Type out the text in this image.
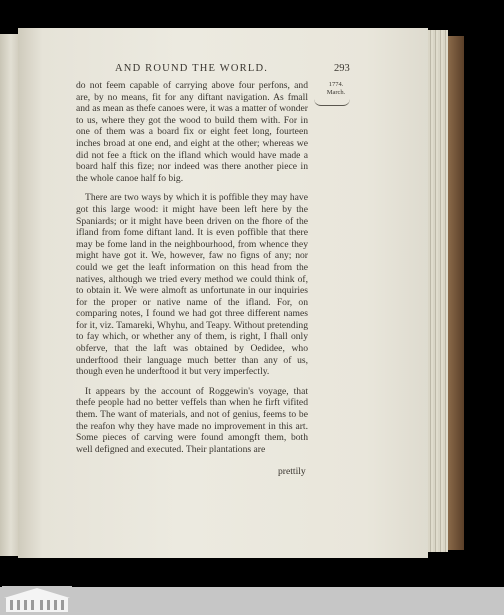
AND ROUND THE WORLD.	293
1774.
March.

do not feem capable of carrying above four perfons, and are, by no means, fit for any diftant navigation. As fmall and as mean as thefe canoes were, it was a matter of wonder to us, where they got the wood to build them with. For in one of them was a board fix or eight feet long, fourteen inches broad at one end, and eight at the other; whereas we did not fee a ftick on the ifland which would have made a board half this fize; nor indeed was there another piece in the whole canoe half fo big.

There are two ways by which it is poffible they may have got this large wood: it might have been left here by the Spaniards; or it might have been driven on the fhore of the ifland from fome diftant land. It is even poffible that there may be fome land in the neighbourhood, from whence they might have got it. We, however, faw no figns of any; nor could we get the leaft information on this head from the natives, although we tried every method we could think of, to obtain it. We were almoft as unfortunate in our inquiries for the proper or native name of the ifland. For, on comparing notes, I found we had got three different names for it, viz. Tamareki, Whyhu, and Teapy. Without pretending to fay which, or whether any of them, is right, I fhall only obferve, that the laft was obtained by Oedidee, who underftood their language much better than any of us, though even he underftood it but very imperfectly.

It appears by the account of Roggewin's voyage, that thefe people had no better veffels than when he firft vifited them. The want of materials, and not of genius, feems to be the reafon why they have made no improvement in this art. Some pieces of carving were found amongft them, both well defigned and executed. Their plantations are

prettily
